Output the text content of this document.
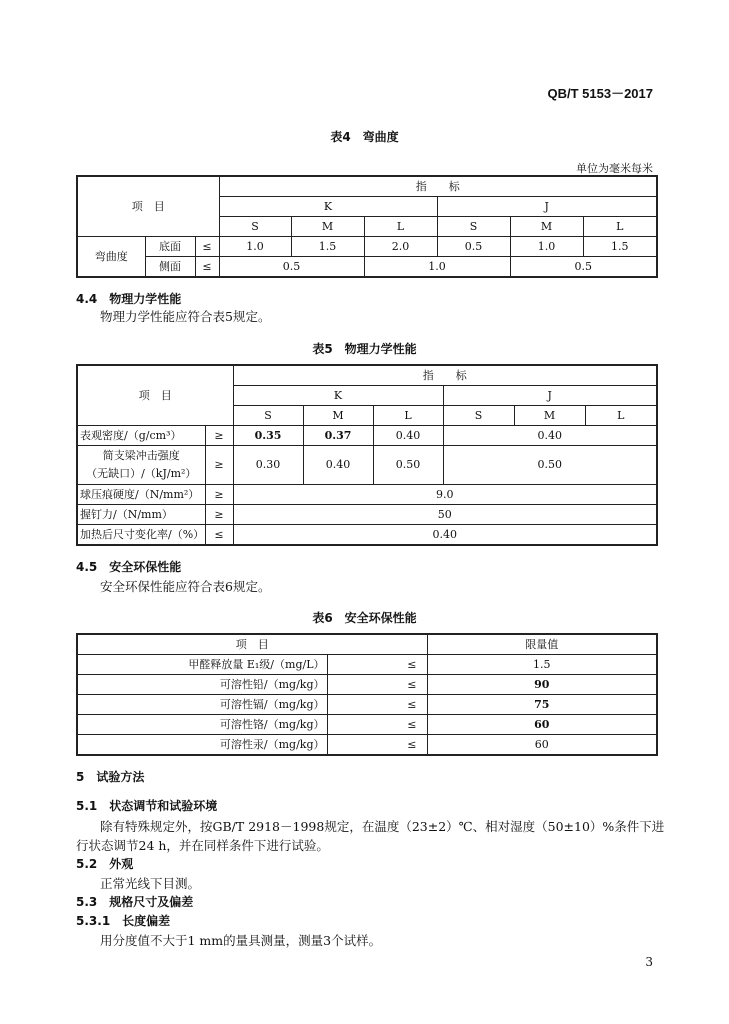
QB/T 5153－2017
表4　弯曲度
单位为毫米每米
项　目			指　　标					
			K			J		
			S	M	L	S	M	L
弯曲度	底面	≤	1.0	1.5	2.0	0.5	1.0	1.5
	侧面	≤	0.5		1.0		0.5	
4.4　物理力学性能
物理力学性能应符合表5规定。
表5　物理力学性能
项　目		指　　标					
		K			J		
		S	M	L	S	M	L
表观密度/（g/cm³）	≥	0.35	0.37	0.40	0.40		

简支梁冲击强度
（无缺口）/（kJ/m²）	≥	0.30	0.40	0.50	0.50		
球压痕硬度/（N/mm²）	≥	9.0					
握钉力/（N/mm）	≥	50					
加热后尺寸变化率/（%）	≤	0.40					
4.5　安全环保性能
安全环保性能应符合表6规定。
表6　安全环保性能
项　目		限量值
甲醛释放量 E₁级/（mg/L）	≤	1.5
可溶性铅/（mg/kg）	≤	90
可溶性镉/（mg/kg）	≤	75
可溶性铬/（mg/kg）	≤	60
可溶性汞/（mg/kg）	≤	60
5　试验方法
5.1　状态调节和试验环境
除有特殊规定外，按GB/T 2918－1998规定，在温度（23±2）℃、相对湿度（50±10）%条件下进
行状态调节24 h，并在同样条件下进行试验。
5.2　外观
正常光线下目测。
5.3　规格尺寸及偏差
5.3.1　长度偏差
用分度值不大于1 mm的量具测量，测量3个试样。
3
